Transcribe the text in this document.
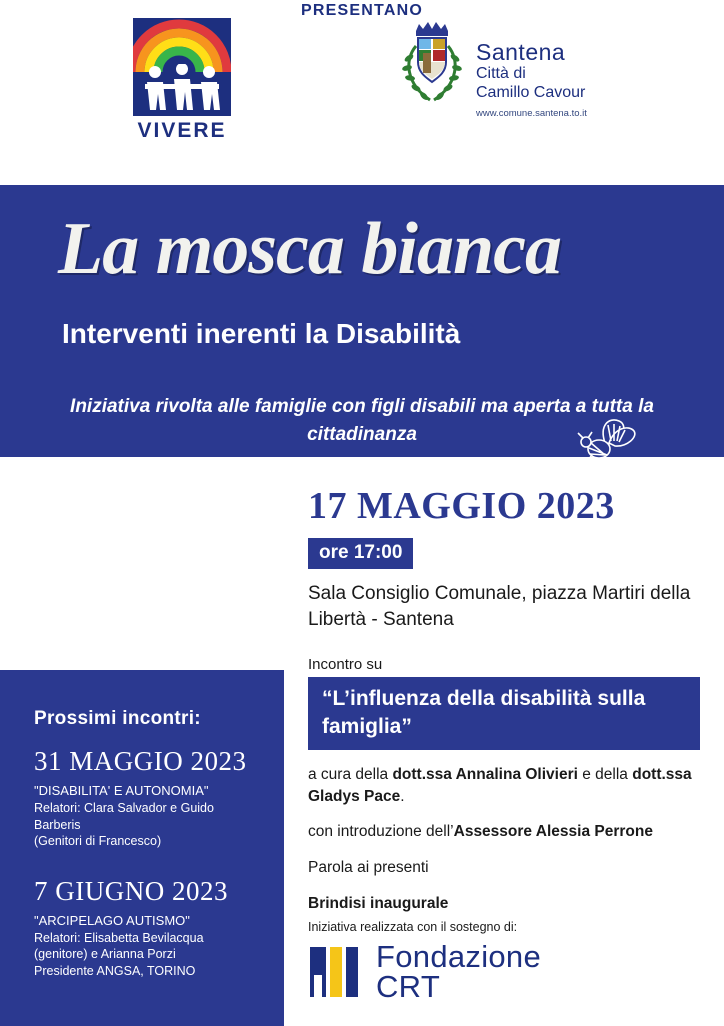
VIVERE
Santena
Città di
Camillo Cavour
www.comune.santena.to.it
PRESENTANO
La mosca bianca
Interventi inerenti la Disabilità
Iniziativa rivolta alle famiglie con figli disabili ma aperta a tutta la cittadinanza
Prossimi incontri:

31 MAGGIO 2023

"DISABILITA' E AUTONOMIA"

Relatori: Clara Salvador e Guido

Barberis

(Genitori di Francesco)

7 GIUGNO 2023

"ARCIPELAGO AUTISMO"

Relatori: Elisabetta Bevilacqua

(genitore) e Arianna Porzi

Presidente ANGSA, TORINO

17 MAGGIO 2023

ore 17:00

Sala Consiglio Comunale, piazza Martiri della Libertà - Santena

Incontro su

“L’influenza della disabilità sulla famiglia”

a cura della dott.ssa Annalina Olivieri e della dott.ssa Gladys Pace.

con introduzione dell’Assessore Alessia Perrone

Parola ai presenti

Brindisi inaugurale

Iniziativa realizzata con il sostegno di:

Fondazione
CRT
